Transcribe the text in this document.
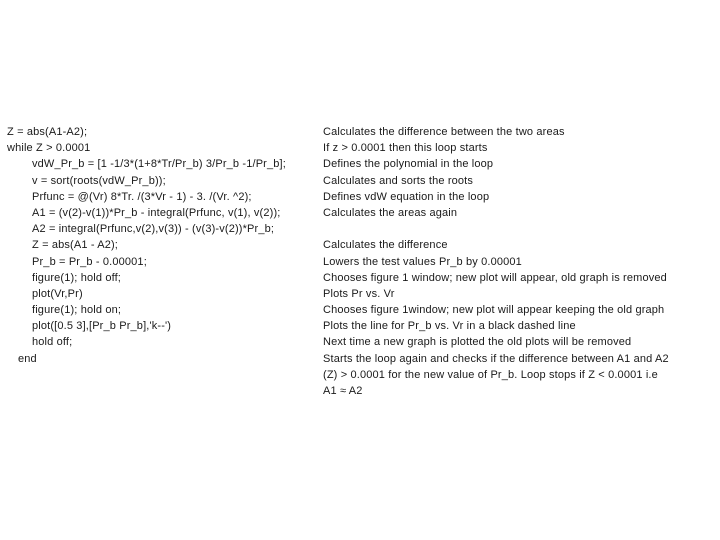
Z = abs(A1-A2);
while Z > 0.0001
vdW_Pr_b = [1 -1/3*(1+8*Tr/Pr_b) 3/Pr_b -1/Pr_b];
v = sort(roots(vdW_Pr_b));
Prfunc = @(Vr) 8*Tr. /(3*Vr - 1) - 3. /(Vr. ^2);
A1 = (v(2)-v(1))*Pr_b - integral(Prfunc, v(1), v(2));
A2 = integral(Prfunc,v(2),v(3)) - (v(3)-v(2))*Pr_b;
Z = abs(A1 - A2);
Pr_b = Pr_b - 0.00001;
figure(1); hold off;
plot(Vr,Pr)
figure(1); hold on;
plot([0.5 3],[Pr_b Pr_b],'k--')
hold off;
end
Calculates the difference between the two areas
If z > 0.0001 then this loop starts
Defines the polynomial in the loop
Calculates and sorts the roots
Defines vdW equation in the loop
Calculates the areas again
Calculates the difference
Lowers the test values Pr_b by 0.00001
Chooses figure 1 window; new plot will appear, old graph is removed
Plots Pr vs. Vr
Chooses figure 1window; new plot will appear keeping the old graph
Plots the line for Pr_b vs. Vr in a black dashed line
Next time a new graph is plotted the old plots will be removed
Starts the loop again and checks if the difference between A1 and A2
(Z) > 0.0001 for the new value of Pr_b. Loop stops if Z < 0.0001 i.e
A1 ≈ A2
